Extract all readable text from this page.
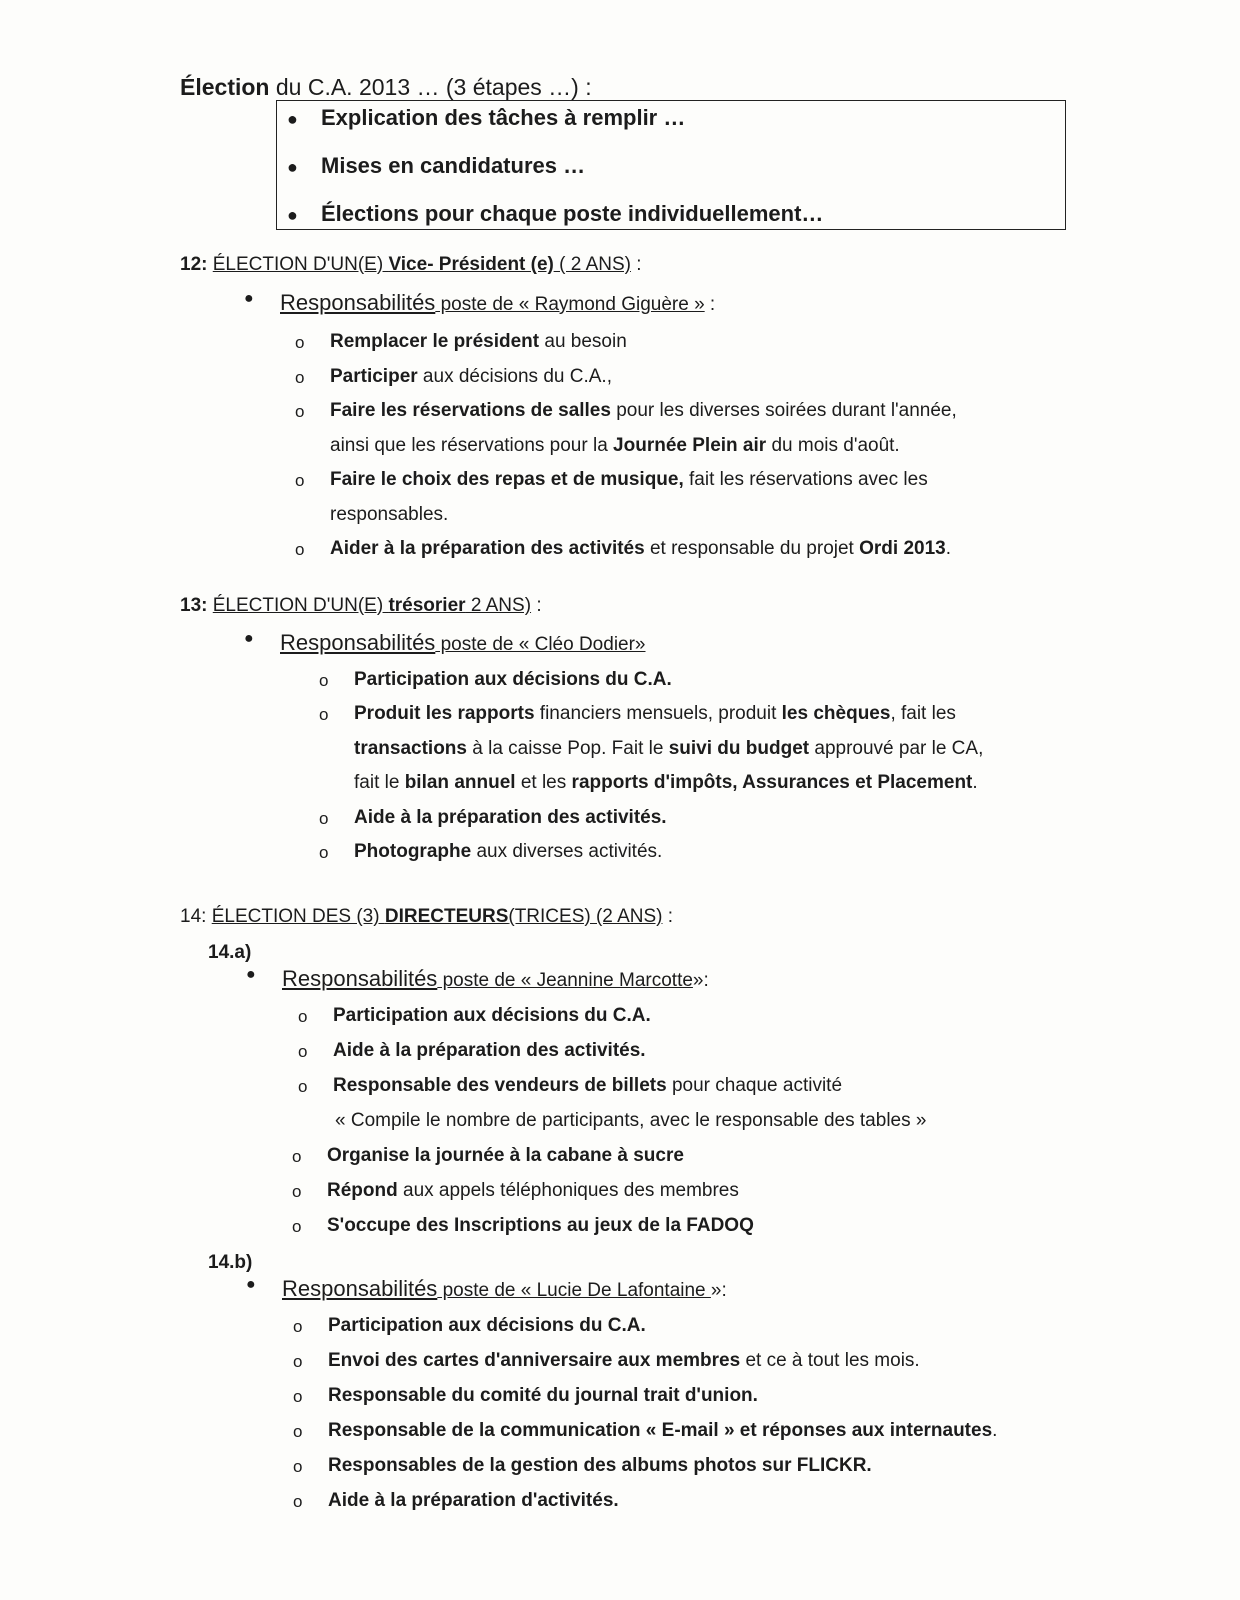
Élection du C.A. 2013 … (3 étapes …) :
● Explication des tâches à remplir …
● Mises en candidatures …
● Élections pour chaque poste individuellement…
12: ÉLECTION D'UN(E) Vice- Président (e) ( 2 ANS) :
● Responsabilités poste de « Raymond Giguère » :
o Remplacer le président au besoin
o Participer aux décisions du C.A.,
o Faire les réservations de salles pour les diverses soirées durant l'année,
ainsi que les réservations pour la Journée Plein air du mois d'août.
o Faire le choix des repas et de musique, fait les réservations avec les
responsables.
o Aider à la préparation des activités et responsable du projet Ordi 2013.
13: ÉLECTION D'UN(E) trésorier 2 ANS) :
● Responsabilités poste de « Cléo Dodier»
o Participation aux décisions du C.A.
o Produit les rapports financiers mensuels, produit les chèques, fait les
transactions à la caisse Pop. Fait le suivi du budget approuvé par le CA,
fait le bilan annuel et les rapports d'impôts, Assurances et Placement.
o Aide à la préparation des activités.
o Photographe aux diverses activités.
14: ÉLECTION DES (3) DIRECTEURS(TRICES) (2 ANS) :
14.a)
● Responsabilités poste de « Jeannine Marcotte»:
o Participation aux décisions du C.A.
o Aide à la préparation des activités.
o Responsable des vendeurs de billets pour chaque activité
« Compile le nombre de participants, avec le responsable des tables »
o Organise la journée à la cabane à sucre
o Répond aux appels téléphoniques des membres
o S'occupe des Inscriptions au jeux de la FADOQ
14.b)
● Responsabilités poste de « Lucie De Lafontaine »:
o Participation aux décisions du C.A.
o Envoi des cartes d'anniversaire aux membres et ce à tout les mois.
o Responsable du comité du journal trait d'union.
o Responsable de la communication « E-mail » et réponses aux internautes.
o Responsables de la gestion des albums photos sur FLICKR.
o Aide à la préparation d'activités.
